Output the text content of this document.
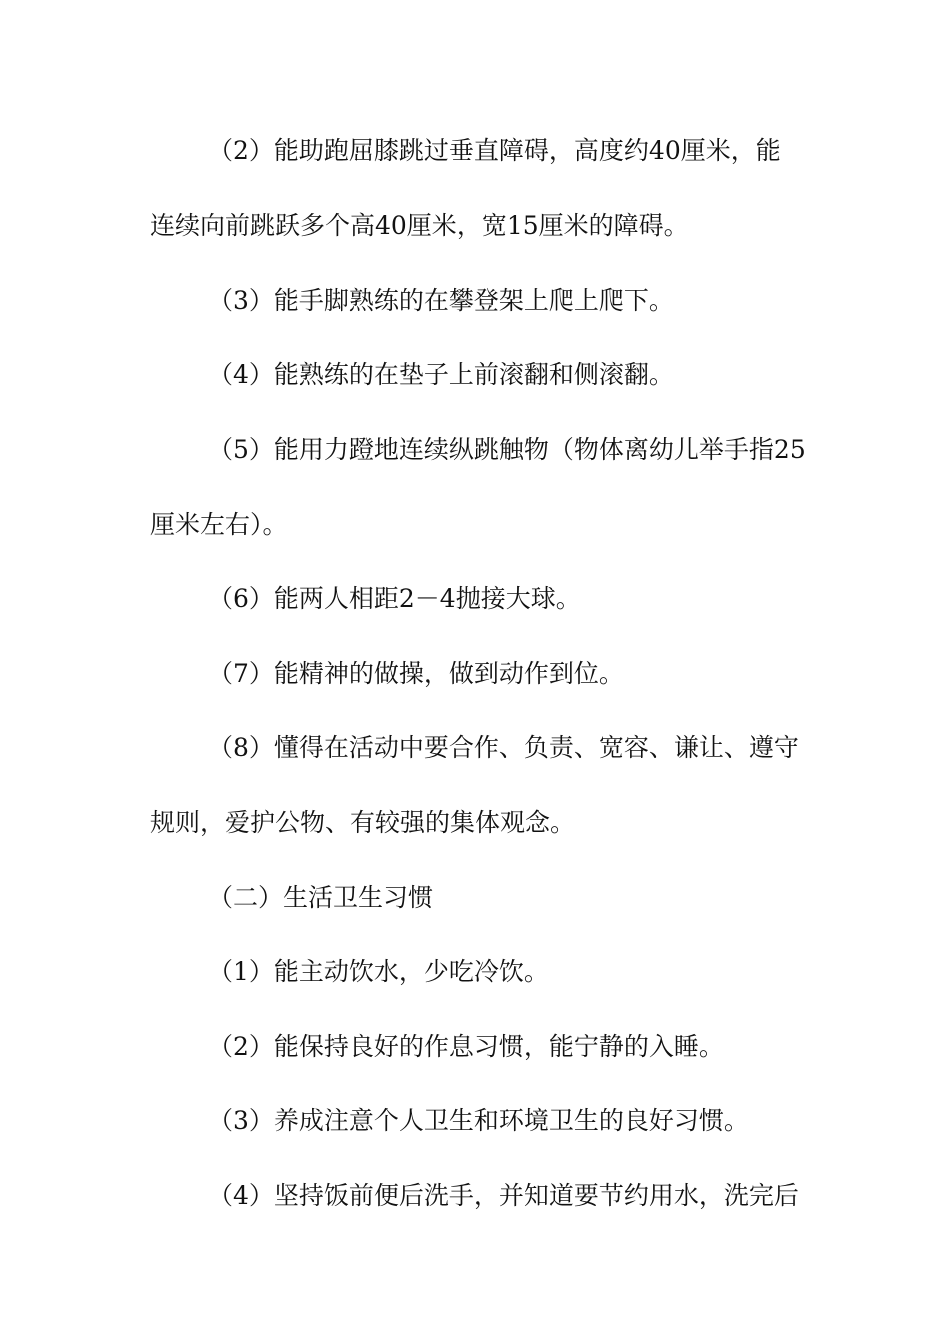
（2）能助跑屈膝跳过垂直障碍，高度约40厘米，能
连续向前跳跃多个高40厘米，宽15厘米的障碍。
（3）能手脚熟练的在攀登架上爬上爬下。
（4）能熟练的在垫子上前滚翻和侧滚翻。
（5）能用力蹬地连续纵跳触物（物体离幼儿举手指25
厘米左右）。
（6）能两人相距2－4抛接大球。
（7）能精神的做操，做到动作到位。
（8）懂得在活动中要合作、负责、宽容、谦让、遵守
规则，爱护公物、有较强的集体观念。
（二）生活卫生习惯
（1）能主动饮水，少吃冷饮。
（2）能保持良好的作息习惯，能宁静的入睡。
（3）养成注意个人卫生和环境卫生的良好习惯。
（4）坚持饭前便后洗手，并知道要节约用水，洗完后
